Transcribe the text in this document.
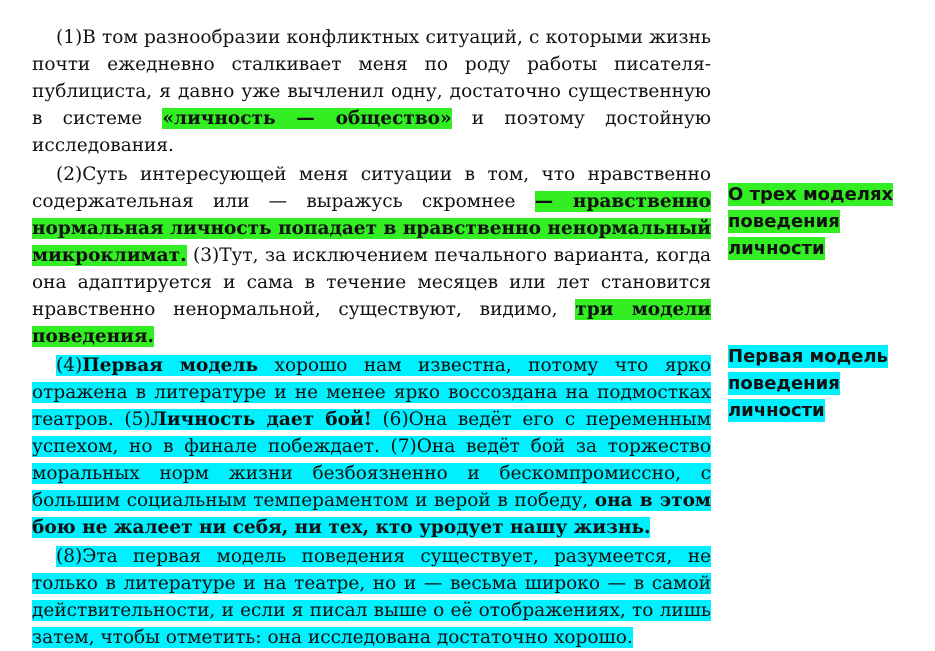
(1)В том разнообразии конфликтных ситуаций, с которыми жизнь почти ежедневно сталкивает меня по роду работы писателя-публициста, я давно уже вычленил одну, достаточно существенную в системе «личность — общество» и поэтому достойную исследования.

(2)Суть интересующей меня ситуации в том, что нравственно содержательная или — выражусь скромнее — нравственно нормальная личность попадает в нравственно ненормальный микроклимат. (3)Тут, за исключением печального варианта, когда она адаптируется и сама в течение месяцев или лет становится нравственно ненормальной, существуют, видимо, три модели поведения.

(4)Первая модель хорошо нам известна, потому что ярко отражена в литературе и не менее ярко воссоздана на подмостках театров. (5)Личность дает бой! (6)Она ведёт его с переменным успехом, но в финале побеждает. (7)Она ведёт бой за торжество моральных норм жизни безбоязненно и бескомпромиссно, с большим социальным темпераментом и верой в победу, она в этом бою не жалеет ни себя, ни тех, кто уродует нашу жизнь.

(8)Эта первая модель поведения существует, разумеется, не только в литературе и на театре, но и — весьма широко — в самой действительности, и если я писал выше о её отображениях, то лишь затем, чтобы отметить: она исследована достаточно хорошо.

О трех моделях поведения личности
Первая модель поведения личности
